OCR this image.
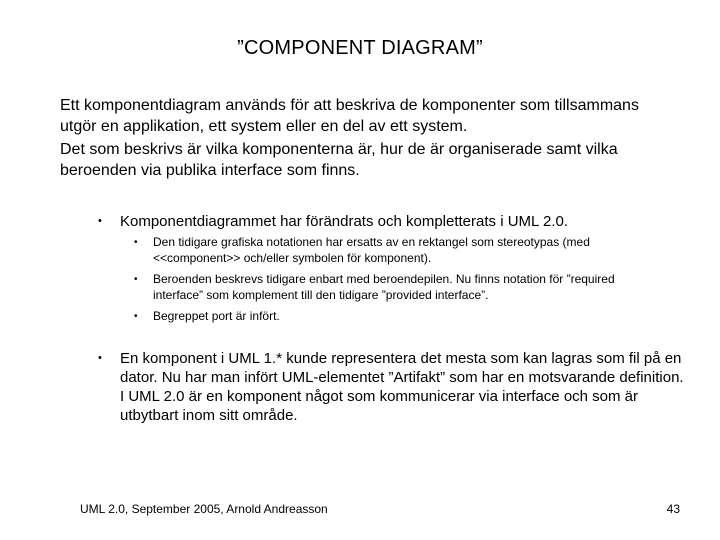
”COMPONENT DIAGRAM”

Ett komponentdiagram används för att beskriva de komponenter som tillsammans utgör en applikation, ett system eller en del av ett system.

Det som beskrivs är vilka komponenterna är, hur de är organiserade samt vilka beroenden via publika interface som finns.

• Komponentdiagrammet har förändrats och kompletterats i UML 2.0.
• Den tidigare grafiska notationen har ersatts av en rektangel som stereotypas (med <<component>> och/eller symbolen för komponent).
• Beroenden beskrevs tidigare enbart med beroendepilen. Nu finns notation för ”required interface” som komplement till den tidigare ”provided interface”.
• Begreppet port är infört.
• En komponent i UML 1.* kunde representera det mesta som kan lagras som fil på en dator. Nu har man infört UML-elementet ”Artifakt” som har en motsvarande definition. I UML 2.0 är en komponent något som kommunicerar via interface och som är utbytbart inom sitt område.
UML 2.0, September 2005, Arnold Andreasson	43
